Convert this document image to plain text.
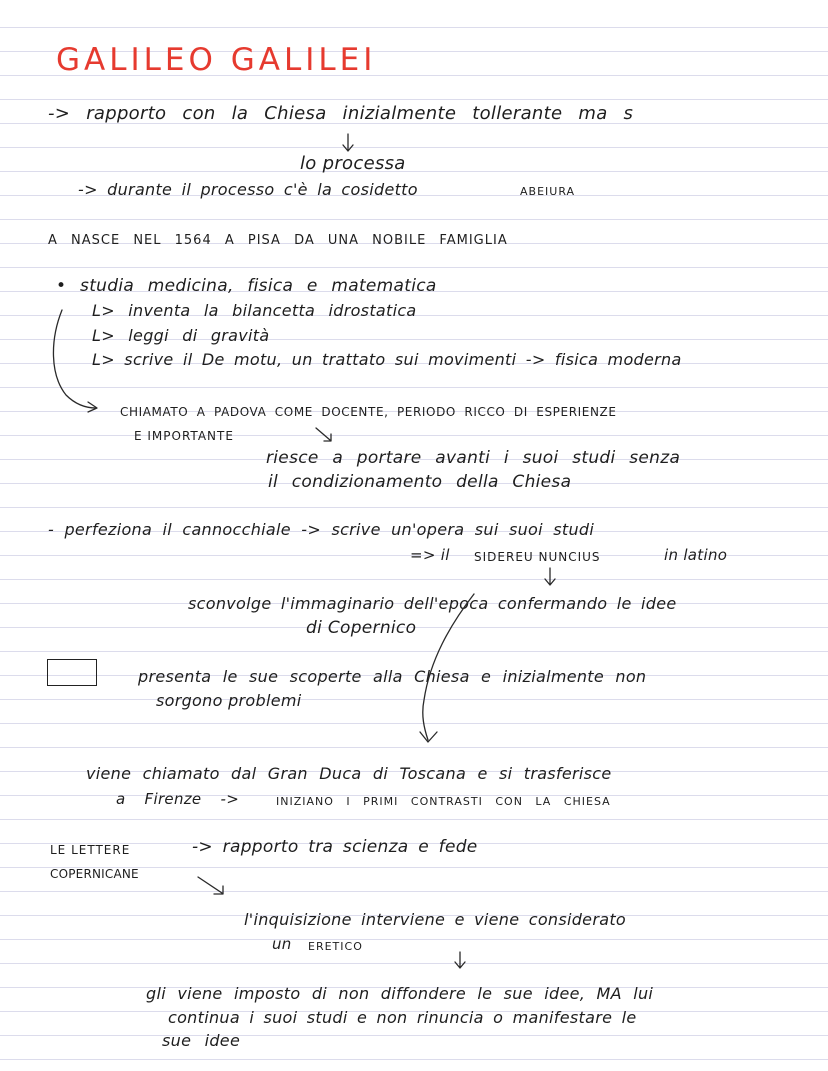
GALILEO GALILEI
-> rapporto con la Chiesa inizialmente tollerante ma s
lo processa
-> durante il processo c'è la cosidetto	ABEIURA
A NASCE NEL 1564 A PISA DA UNA NOBILE FAMIGLIA
• studia medicina, fisica e matematica
L> inventa la bilancetta idrostatica
L> leggi di gravità
L> scrive il De motu, un trattato sui movimenti -> fisica moderna
CHIAMATO A PADOVA COME DOCENTE, PERIODO RICCO DI ESPERIENZE
E IMPORTANTE
riesce a portare avanti i suoi studi senza
il condizionamento della Chiesa
- perfeziona il cannocchiale -> scrive un'opera sui suoi studi
=> il SIDEREU NUNCIUS	in latino
sconvolge l'immaginario dell'epoca confermando le idee
di Copernico
presenta le sue scoperte alla Chiesa e inizialmente non
sorgono problemi
viene chiamato dal Gran Duca di Toscana e si trasferisce
a Firenze ->	INIZIANO I PRIMI CONTRASTI CON LA CHIESA
LE LETTERE	-> rapporto tra scienza e fede
COPERNICANE
l'inquisizione interviene e viene considerato
un ERETICO
gli viene imposto di non diffondere le sue idee, MA lui
continua i suoi studi e non rinuncia o manifestare le
sue idee
